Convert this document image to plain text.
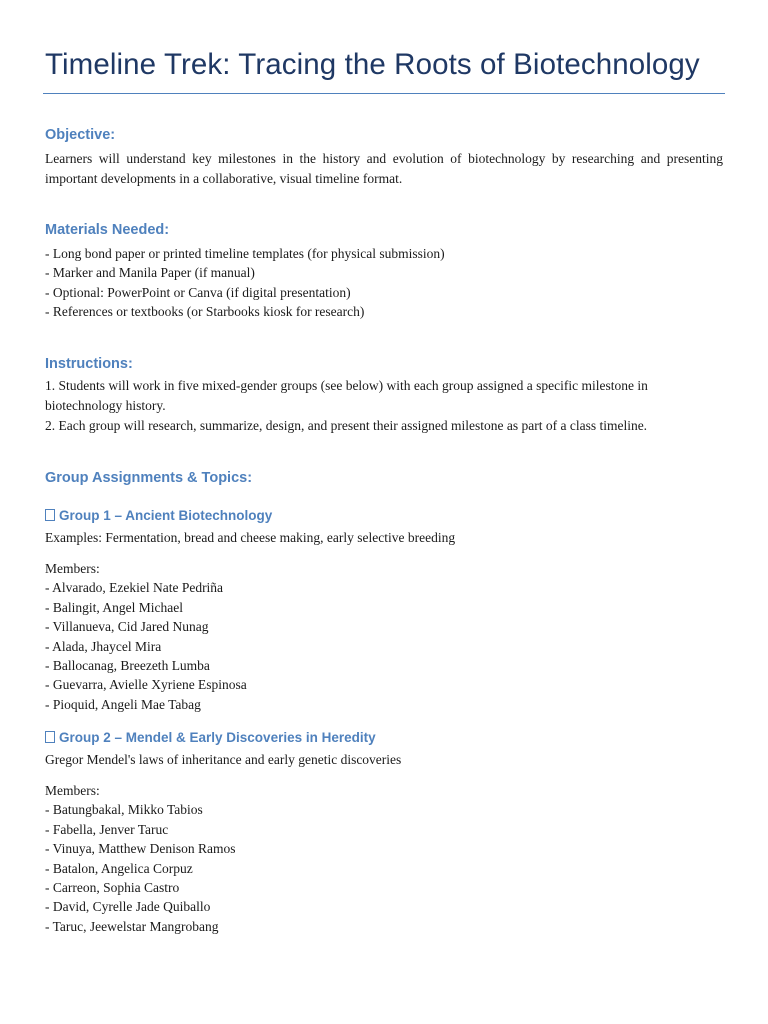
Timeline Trek: Tracing the Roots of Biotechnology
Objective:

Learners will understand key milestones in the history and evolution of biotechnology by researching and presenting important developments in a collaborative, visual timeline format.

Materials Needed:
- Long bond paper or printed timeline templates (for physical submission)
- Marker and Manila Paper (if manual)
- Optional: PowerPoint or Canva (if digital presentation)
- References or textbooks (or Starbooks kiosk for research)
Instructions:

1. Students will work in five mixed-gender groups (see below) with each group assigned a specific milestone in biotechnology history.

2. Each group will research, summarize, design, and present their assigned milestone as part of a class timeline.

Group Assignments & Topics:
Group 1 – Ancient Biotechnology

Examples: Fermentation, bread and cheese making, early selective breeding

Members:
- Alvarado, Ezekiel Nate Pedriña
- Balingit, Angel Michael
- Villanueva, Cid Jared Nunag
- Alada, Jhaycel Mira
- Ballocanag, Breezeth Lumba
- Guevarra, Avielle Xyriene Espinosa
- Pioquid, Angeli Mae Tabag
Group 2 – Mendel & Early Discoveries in Heredity

Gregor Mendel's laws of inheritance and early genetic discoveries

Members:
- Batungbakal, Mikko Tabios
- Fabella, Jenver Taruc
- Vinuya, Matthew Denison Ramos
- Batalon, Angelica Corpuz
- Carreon, Sophia Castro
- David, Cyrelle Jade Quiballo
- Taruc, Jeewelstar Mangrobang
